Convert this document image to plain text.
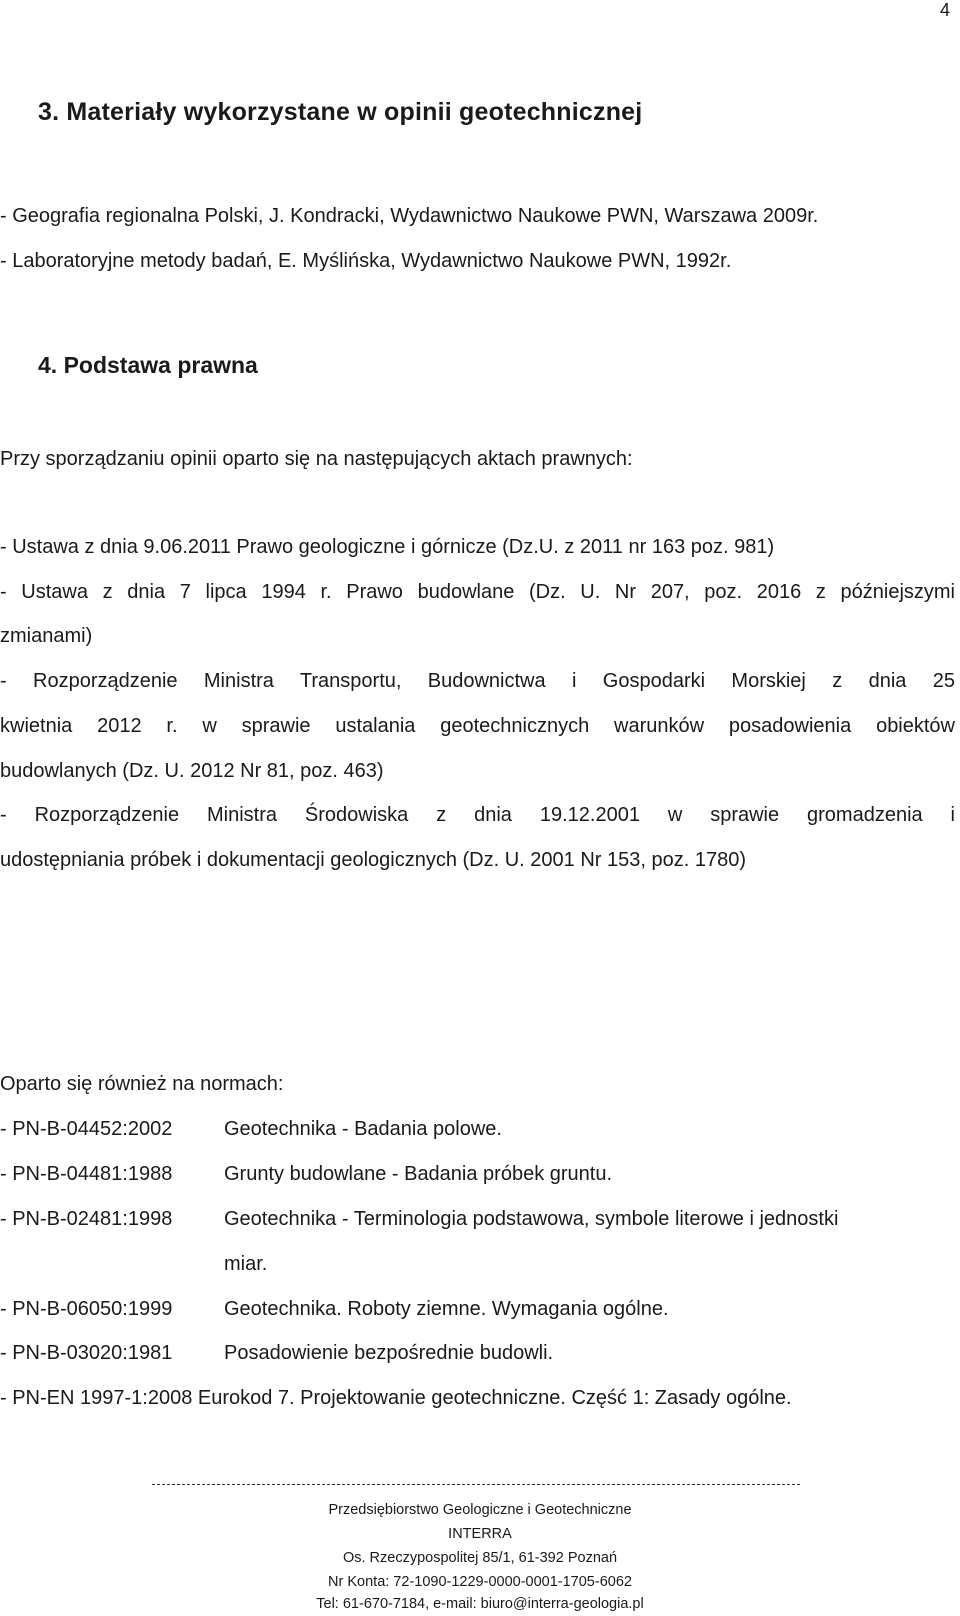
4
3. Materiały wykorzystane w opinii geotechnicznej
- Geografia regionalna Polski, J. Kondracki, Wydawnictwo Naukowe PWN, Warszawa 2009r.
- Laboratoryjne metody badań, E. Myślińska, Wydawnictwo Naukowe PWN, 1992r.
4. Podstawa prawna
Przy sporządzaniu opinii oparto się na następujących aktach prawnych:
- Ustawa z dnia 9.06.2011 Prawo geologiczne i górnicze (Dz.U. z 2011 nr 163 poz. 981)
- Ustawa z dnia 7 lipca 1994 r. Prawo budowlane (Dz. U. Nr 207, poz. 2016 z późniejszymi
zmianami)
- Rozporządzenie Ministra Transportu, Budownictwa i Gospodarki Morskiej z dnia 25
kwietnia 2012 r. w sprawie ustalania geotechnicznych warunków posadowienia obiektów
budowlanych (Dz. U. 2012 Nr 81, poz. 463)
- Rozporządzenie Ministra Środowiska z dnia 19.12.2001 w sprawie gromadzenia i
udostępniania próbek i dokumentacji geologicznych (Dz. U. 2001 Nr 153, poz. 1780)
Oparto się również na normach:
- PN-B-04452:2002	Geotechnika - Badania polowe.
- PN-B-04481:1988	Grunty budowlane - Badania próbek gruntu.
- PN-B-02481:1998	Geotechnika - Terminologia podstawowa, symbole literowe i jednostki
miar.
- PN-B-06050:1999	Geotechnika. Roboty ziemne. Wymagania ogólne.
- PN-B-03020:1981	Posadowienie bezpośrednie budowli.
- PN-EN 1997-1:2008 Eurokod 7. Projektowanie geotechniczne. Część 1: Zasady ogólne.
Przedsiębiorstwo Geologiczne i Geotechniczne
INTERRA
Os. Rzeczypospolitej 85/1, 61-392 Poznań
Nr Konta: 72-1090-1229-0000-0001-1705-6062
Tel: 61-670-7184, e-mail: biuro@interra-geologia.pl
